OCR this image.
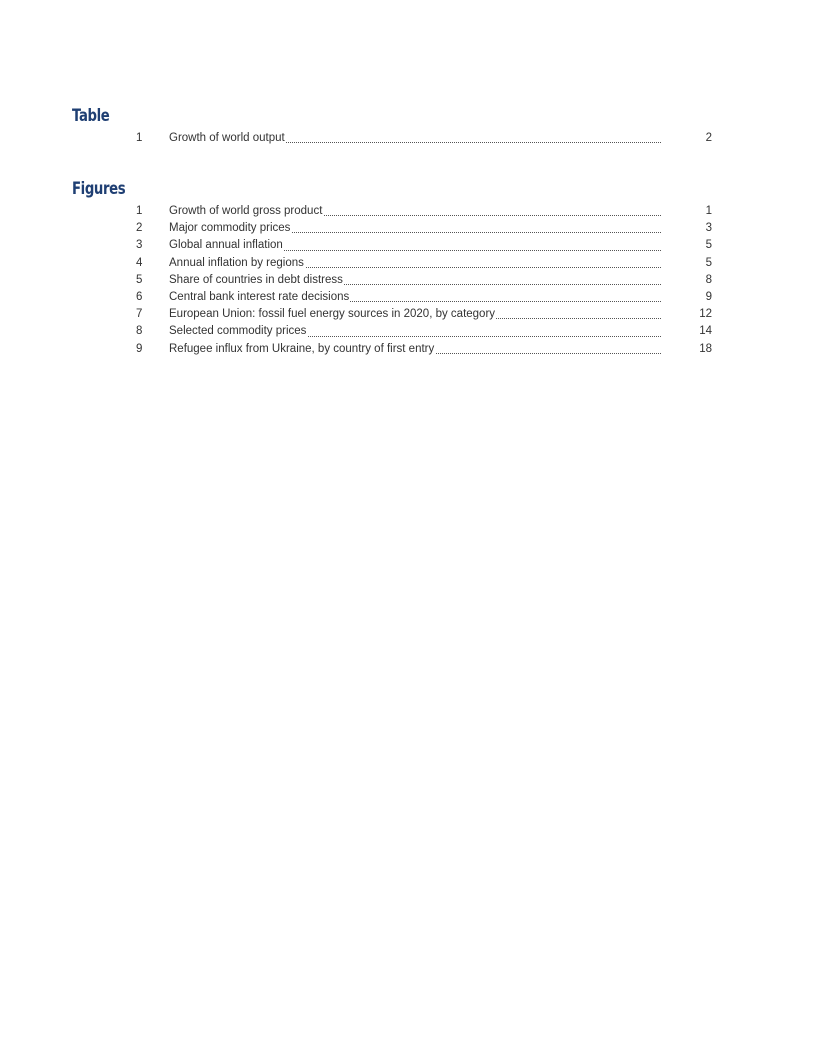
Table
1	Growth of world output	2
Figures
1	Growth of world gross product	1
2	Major commodity prices	3
3	Global annual inflation	5
4	Annual inflation by regions	5
5	Share of countries in debt distress	8
6	Central bank interest rate decisions	9
7	European Union: fossil fuel energy sources in 2020, by category	12
8	Selected commodity prices	14
9	Refugee influx from Ukraine, by country of first entry	18
